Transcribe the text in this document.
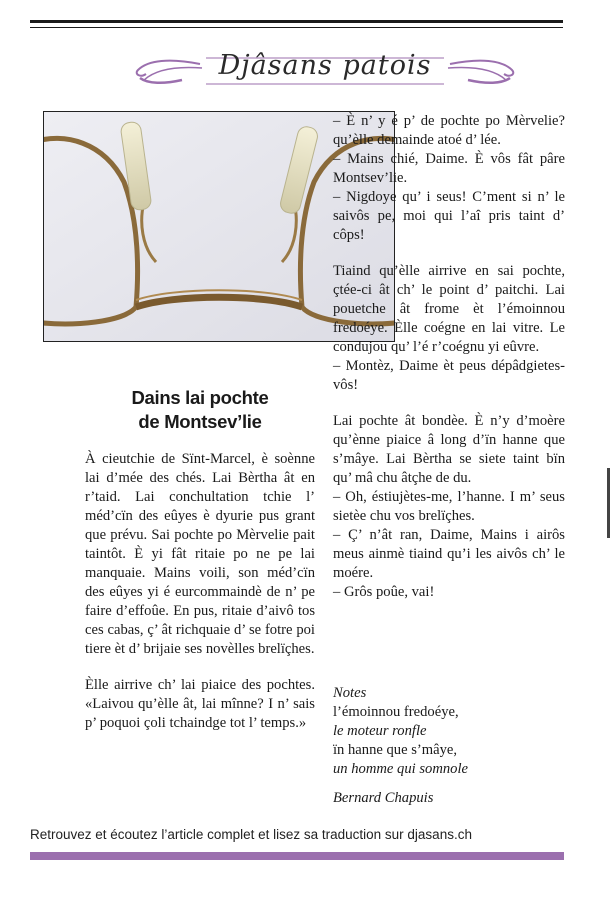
Djâsans patois

– È n’ y é p’ de pochte po Mèrvelie? qu’èlle demainde atoé d’ lée.
– Mains chié, Daime. È vôs fât pâre Montsev’lie.
– Nigdoye qu’ i seus! C’ment si n’ le saivôs pe, moi qui l’aî pris taint d’ côps!

Tiaind qu’èlle airrive en sai pochte, çtée-ci ât ch’ le point d’ paitchi. Lai pouetche ât frome èt l’émoinnou fredoéye. Èlle coégne en lai vitre. Le condujou qu’ l’é r’coégnu yi eûvre.
– Montèz, Daime èt peus dépâdgietes-vôs!

Lai pochte ât bondèe. È n’y d’moère qu’ènne piaice â long d’ïn hanne que s’mâye. Lai Bèrtha se siete taint bïn qu’ mâ chu âtçhe de du.
– Oh, éstiujètes-me, l’hanne. I m’ seus sietèe chu vos brelïçhes.
– Ç’ n’ât ran, Daime, Mains i airôs meus ainmè tiaind qu’i les aivôs ch’ le moére.
– Grôs poûe, vai!

Dains lai pochte
de Montsev’lie

À cieutchie de Sïnt-Marcel, è soènne lai d’mée des chés. Lai Bèrtha ât en r’taid. Lai conchultation tchie l’ méd’cïn des eûyes è dyurie pus grant que prévu. Sai pochte po Mèrvelie pait taintôt. È yi fât ritaie po ne pe lai manquaie. Mains voili, son méd’cïn des eûyes yi é eurcommaindè de n’ pe faire d’effoûe. En pus, ritaie d’aivô tos ces cabas, ç’ ât richquaie d’ se fotre poi tiere èt d’ brijaie ses novèlles brelïçhes.

Èlle airrive ch’ lai piaice des pochtes. «Laivou qu’èlle ât, lai mînne? I n’ sais p’ poquoi çoli tchaindge tot l’ temps.»

Notes
l’émoinnou fredoéye,
le moteur ronfle
ïn hanne que s’mâye,
un homme qui somnole
Bernard Chapuis
Retrouvez et écoutez l’article complet et lisez sa traduction sur djasans.ch
